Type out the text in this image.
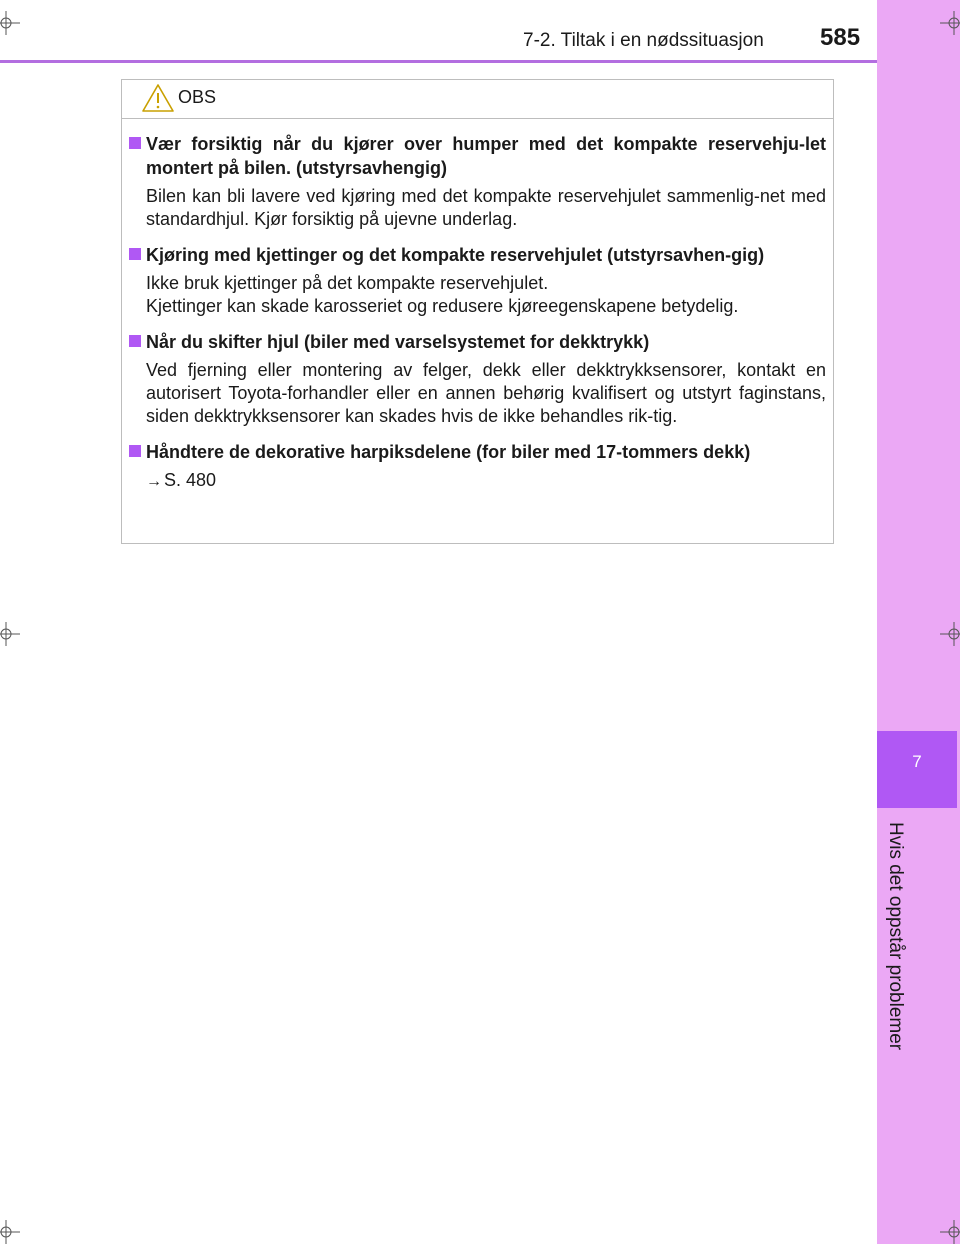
7-2. Tiltak i en nødssituasjon 585
7
Hvis det oppstår problemer
OBS
Vær forsiktig når du kjører over humper med det kompakte reservehju-let montert på bilen. (utstyrsavhengig)

Bilen kan bli lavere ved kjøring med det kompakte reservehjulet sammenlig-net med standardhjul. Kjør forsiktig på ujevne underlag.

Kjøring med kjettinger og det kompakte reservehjulet (utstyrsavhen-gig)

Ikke bruk kjettinger på det kompakte reservehjulet.

Kjettinger kan skade karosseriet og redusere kjøreegenskapene betydelig.

Når du skifter hjul (biler med varselsystemet for dekktrykk)

Ved fjerning eller montering av felger, dekk eller dekktrykksensorer, kontakt en autorisert Toyota-forhandler eller en annen behørig kvalifisert og utstyrt faginstans, siden dekktrykksensorer kan skades hvis de ikke behandles rik-tig.

Håndtere de dekorative harpiksdelene (for biler med 17-tommers dekk)

→ S. 480
